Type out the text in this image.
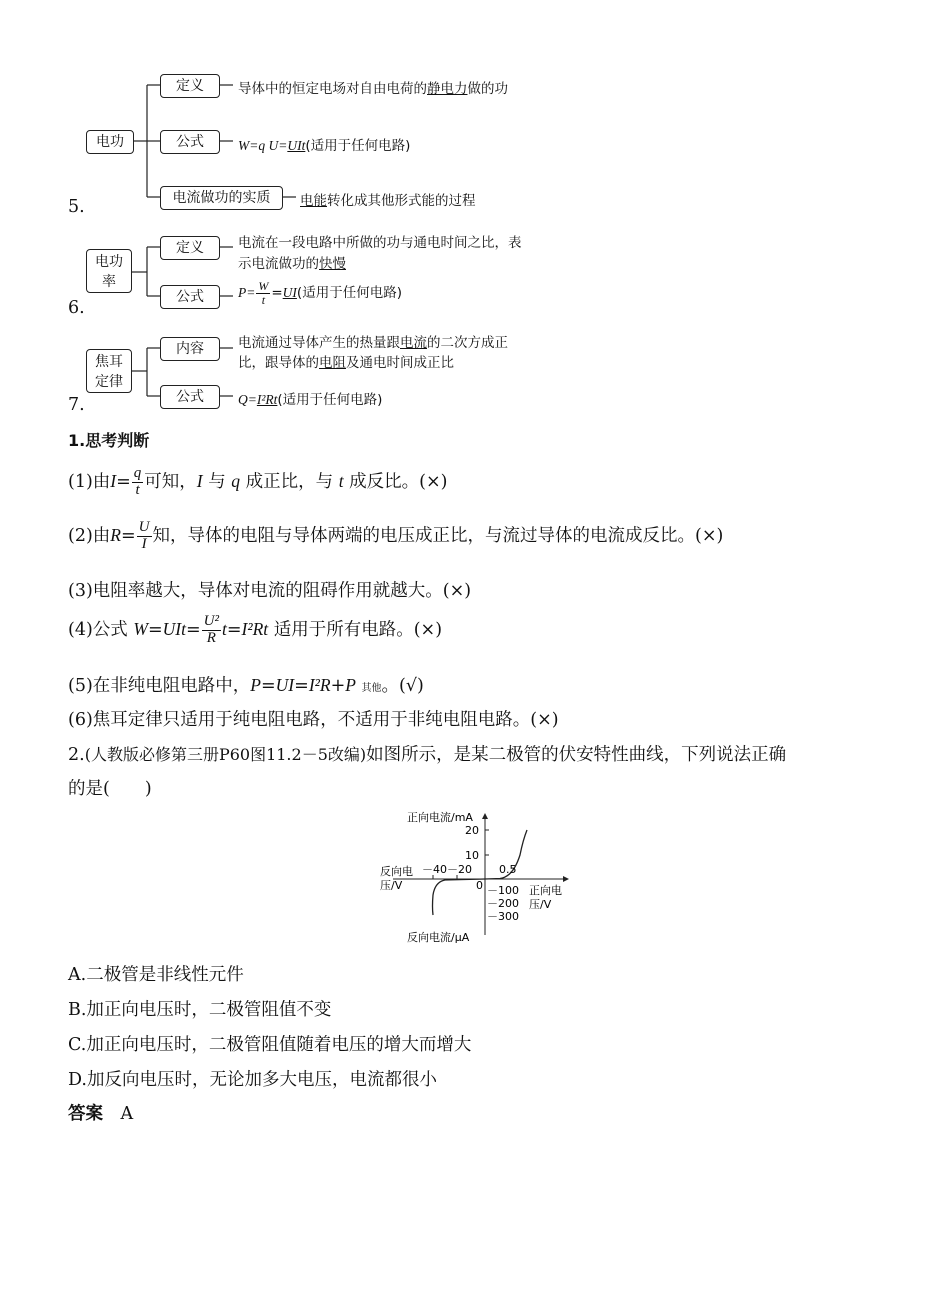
5.
电功
定义	导体中的恒定电场对自由电荷的静电力做的功
公式	W=q U=UIt(适用于任何电路)
电流做功的实质	电能转化成其他形式能的过程
6.
电功
率
定义	电流在一段电路中所做的功与通电时间之比，表
示电流做功的快慢
公式	$P= \frac{W}{t} =UI$(适用于任何电路)
7.
焦耳
定律
内容	电流通过导体产生的热量跟电流的二次方成正
比，跟导体的电阻及通电时间成正比
公式	Q=I²Rt(适用于任何电路)
1.思考判断
(1)由$I= \frac{q}{t}$ 可知，I 与 q 成正比，与 t 成反比。(×)
(2)由$R= \frac{U}{I}$ 知，导体的电阻与导体两端的电压成正比，与流过导体的电流成反比。(×)
(3)电阻率越大，导体对电流的阻碍作用就越大。(×)
(4)公式 $W=UIt= \frac{\text{U²}}{R} t=I^2Rt$ 适用于所有电路。(×)
(5)在非纯电阻电路中，P=UI=I²R+P 其他。(√)
(6)焦耳定律只适用于纯电阻电路，不适用于非纯电阻电路。(×)
2.(人教版必修第三册P60图11.2－5改编)如图所示，是某二极管的伏安特性曲线，下列说法正确
的是(　　)
正向电流/mA
20
10
反向电
压/V
－40 －20
0
0.5
－100
－200
－300
正向电
压/V
反向电流/μA
A.二极管是非线性元件
B.加正向电压时，二极管阻值不变
C.加正向电压时，二极管阻值随着电压的增大而增大
D.加反向电压时，无论加多大电压，电流都很小
答案　 A
